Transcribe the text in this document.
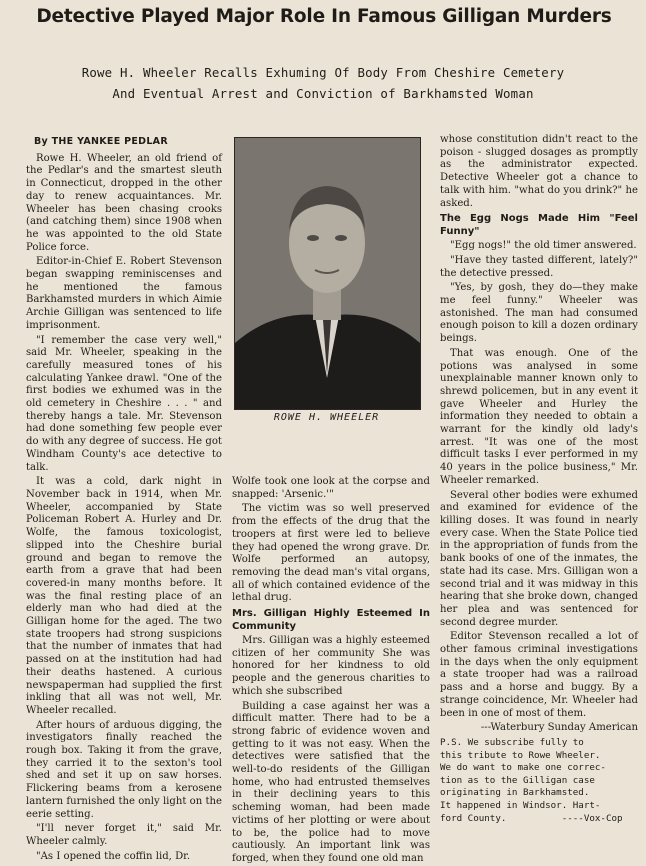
Detective Played Major Role In Famous Gilligan Murders
Rowe H. Wheeler Recalls Exhuming Of Body From Cheshire Cemetery And Eventual Arrest and Conviction of Barkhamsted Woman

By THE YANKEE PEDLAR

Rowe H. Wheeler, an old friend of the Pedlar's and the smartest sleuth in Connecticut, dropped in the other day to renew acquaintances. Mr. Wheeler has been chasing crooks (and catching them) since 1908 when he was appointed to the old State Police force.

Editor-in-Chief E. Robert Stevenson began swapping reminiscenses and he mentioned the famous Barkhamsted murders in which Aimie Archie Gilligan was sentenced to life imprisonment.

"I remember the case very well," said Mr. Wheeler, speaking in the carefully measured tones of his calculating Yankee drawl. "One of the first bodies we exhumed was in the old cemetery in Cheshire . . . " and thereby hangs a tale. Mr. Stevenson had done something few people ever do with any degree of success. He got Windham County's ace detective to talk.

It was a cold, dark night in November back in 1914, when Mr. Wheeler, accompanied by State Policeman Robert A. Hurley and Dr. Wolfe, the famous toxicologist, slipped into the Cheshire burial ground and began to remove the earth from a grave that had been covered-in many months before. It was the final resting place of an elderly man who had died at the Gilligan home for the aged. The two state troopers had strong suspicions that the number of inmates that had passed on at the institution had had their deaths hastened. A curious newspaperman had supplied the first inkling that all was not well, Mr. Wheeler recalled.

After hours of arduous digging, the investigators finally reached the rough box. Taking it from the grave, they carried it to the sexton's tool shed and set it up on saw horses. Flickering beams from a kerosene lantern furnished the only light on the eerie setting.

"I'll never forget it," said Mr. Wheeler calmly.

"As I opened the coffin lid, Dr.

ROWE H. WHEELER

Wolfe took one look at the corpse and snapped: 'Arsenic.'"

The victim was so well preserved from the effects of the drug that the troopers at first were led to believe they had opened the wrong grave. Dr. Wolfe performed an autopsy, removing the dead man's vital organs, all of which contained evidence of the lethal drug.

Mrs. Gilligan Highly Esteemed In Community

Mrs. Gilligan was a highly esteemed citizen of her community She was honored for her kindness to old people and the generous charities to which she subscribed

Building a case against her was a difficult matter. There had to be a strong fabric of evidence woven and getting to it was not easy. When the detectives were satisfied that the well-to-do residents of the Gilligan home, who had entrusted themselves in their declining years to this scheming woman, had been made victims of her plotting or were about to be, the police had to move cautiously. An important link was forged, when they found one old man

whose constitution didn't react to the poison - slugged dosages as promptly as the administrator expected. Detective Wheeler got a chance to talk with him. "what do you drink?" he asked.

The Egg Nogs Made Him "Feel Funny"

"Egg nogs!" the old timer answered.

"Have they tasted different, lately?" the detective pressed.

"Yes, by gosh, they do—they make me feel funny." Wheeler was astonished. The man had consumed enough poison to kill a dozen ordinary beings.

That was enough. One of the potions was analysed in some unexplainable manner known only to shrewd policemen, but in any event it gave Wheeler and Hurley the information they needed to obtain a warrant for the kindly old lady's arrest. "It was one of the most difficult tasks I ever performed in my 40 years in the police business," Mr. Wheeler remarked.

Several other bodies were exhumed and examined for evidence of the killing doses. It was found in nearly every case. When the State Police tied in the appropriation of funds from the bank books of one of the inmates, the state had its case. Mrs. Gilligan won a second trial and it was midway in this hearing that she broke down, changed her plea and was sentenced for second degree murder.

Editor Stevenson recalled a lot of other famous criminal investigations in the days when the only equipment a state trooper had was a railroad pass and a horse and buggy. By a strange coincidence, Mr. Wheeler had been in one of most of them.

---Waterbury Sunday American

P.S. We subscribe fully to

this tribute to Rowe Wheeler.

We do want to make one correc-

tion as to the Gilligan case

originating in Barkhamsted.

It happened in Windsor. Hart-

ford County.          ----Vox-Cop
